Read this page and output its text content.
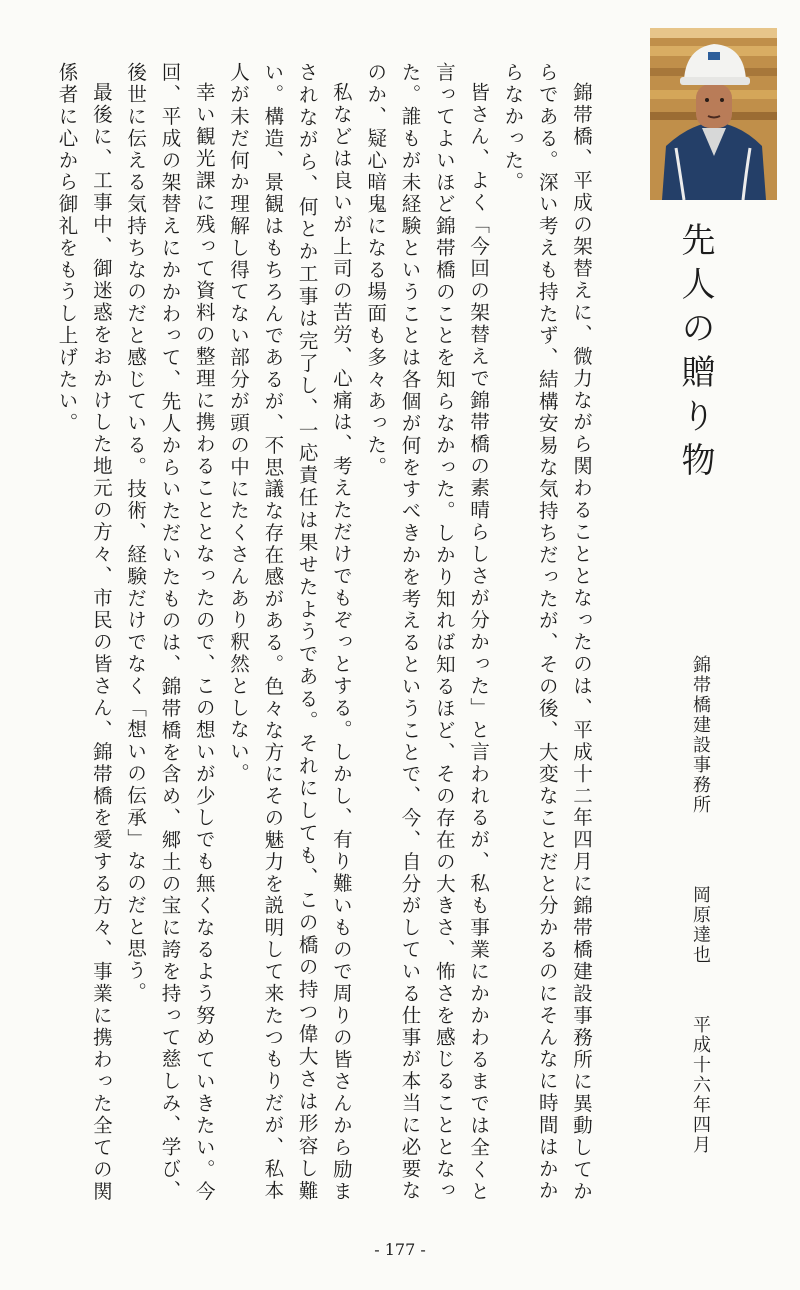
先人の贈り物
錦帯橋建設事務所
岡原達也
平成十六年四月

錦帯橋、平成の架替えに、微力ながら関わることとなったのは、平成十二年四月に錦帯橋建設事務所に異動してからである。深い考えも持たず、結構安易な気持ちだったが、その後、大変なことだと分かるのにそんなに時間はかからなかった。

皆さん、よく「今回の架替えで錦帯橋の素晴らしさが分かった」と言われるが、私も事業にかかわるまでは全くと言ってよいほど錦帯橋のことを知らなかった。しかり知れば知るほど、その存在の大きさ、怖さを感じることとなった。誰もが未経験ということは各個が何をすべきかを考えるということで、今、自分がしている仕事が本当に必要なのか、疑心暗鬼になる場面も多々あった。

私などは良いが上司の苦労、心痛は、考えただけでもぞっとする。しかし、有り難いもので周りの皆さんから励まされながら、何とか工事は完了し、一応責任は果せたようである。それにしても、この橋の持つ偉大さは形容し難い。構造、景観はもちろんであるが、不思議な存在感がある。色々な方にその魅力を説明して来たつもりだが、私本人が未だ何か理解し得てない部分が頭の中にたくさんあり釈然としない。

幸い観光課に残って資料の整理に携わることとなったので、この想いが少しでも無くなるよう努めていきたい。今回、平成の架替えにかかわって、先人からいただいたものは、錦帯橋を含め、郷土の宝に誇を持って慈しみ、学び、後世に伝える気持ちなのだと感じている。技術、経験だけでなく「想いの伝承」なのだと思う。

最後に、工事中、御迷惑をおかけした地元の方々、市民の皆さん、錦帯橋を愛する方々、事業に携わった全ての関係者に心から御礼をもうし上げたい。

- 177 -
